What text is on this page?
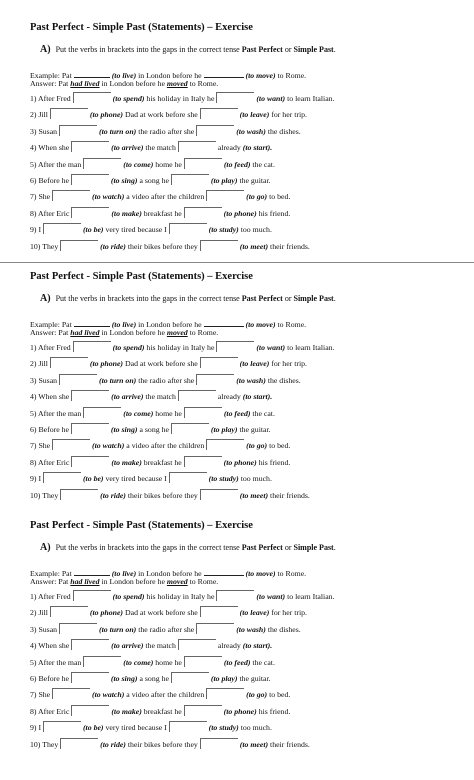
Past Perfect - Simple Past (Statements) – Exercise
A) Put the verbs in brackets into the gaps in the correct tense Past Perfect or Simple Past.
Example: Pat	(to live) in London before he	(to move) to Rome.
Answer: Pat had lived in London before he moved to Rome.
1) After Fred	(to spend) his holiday in Italy he	(to want) to learn Italian.
2) Jill	(to phone) Dad at work before she	(to leave) for her trip.
3) Susan	(to turn on) the radio after she	(to wash) the dishes.
4) When she	(to arrive) the match	already (to start).
5) After the man	(to come) home he	(to feed) the cat.
6) Before he	(to sing) a song he	(to play) the guitar.
7) She	(to watch) a video after the children	(to go) to bed.
8) After Eric	(to make) breakfast he	(to phone) his friend.
9) I	(to be) very tired because I	(to study) too much.
10) They	(to ride) their bikes before they	(to meet) their friends.
Past Perfect - Simple Past (Statements) – Exercise
A) Put the verbs in brackets into the gaps in the correct tense Past Perfect or Simple Past.
Example: Pat	(to live) in London before he	(to move) to Rome.
Answer: Pat had lived in London before he moved to Rome.
1) After Fred	(to spend) his holiday in Italy he	(to want) to learn Italian.
2) Jill	(to phone) Dad at work before she	(to leave) for her trip.
3) Susan	(to turn on) the radio after she	(to wash) the dishes.
4) When she	(to arrive) the match	already (to start).
5) After the man	(to come) home he	(to feed) the cat.
6) Before he	(to sing) a song he	(to play) the guitar.
7) She	(to watch) a video after the children	(to go) to bed.
8) After Eric	(to make) breakfast he	(to phone) his friend.
9) I	(to be) very tired because I	(to study) too much.
10) They	(to ride) their bikes before they	(to meet) their friends.
Past Perfect - Simple Past (Statements) – Exercise
A) Put the verbs in brackets into the gaps in the correct tense Past Perfect or Simple Past.
Example: Pat	(to live) in London before he	(to move) to Rome.
Answer: Pat had lived in London before he moved to Rome.
1) After Fred	(to spend) his holiday in Italy he	(to want) to learn Italian.
2) Jill	(to phone) Dad at work before she	(to leave) for her trip.
3) Susan	(to turn on) the radio after she	(to wash) the dishes.
4) When she	(to arrive) the match	already (to start).
5) After the man	(to come) home he	(to feed) the cat.
6) Before he	(to sing) a song he	(to play) the guitar.
7) She	(to watch) a video after the children	(to go) to bed.
8) After Eric	(to make) breakfast he	(to phone) his friend.
9) I	(to be) very tired because I	(to study) too much.
10) They	(to ride) their bikes before they	(to meet) their friends.
